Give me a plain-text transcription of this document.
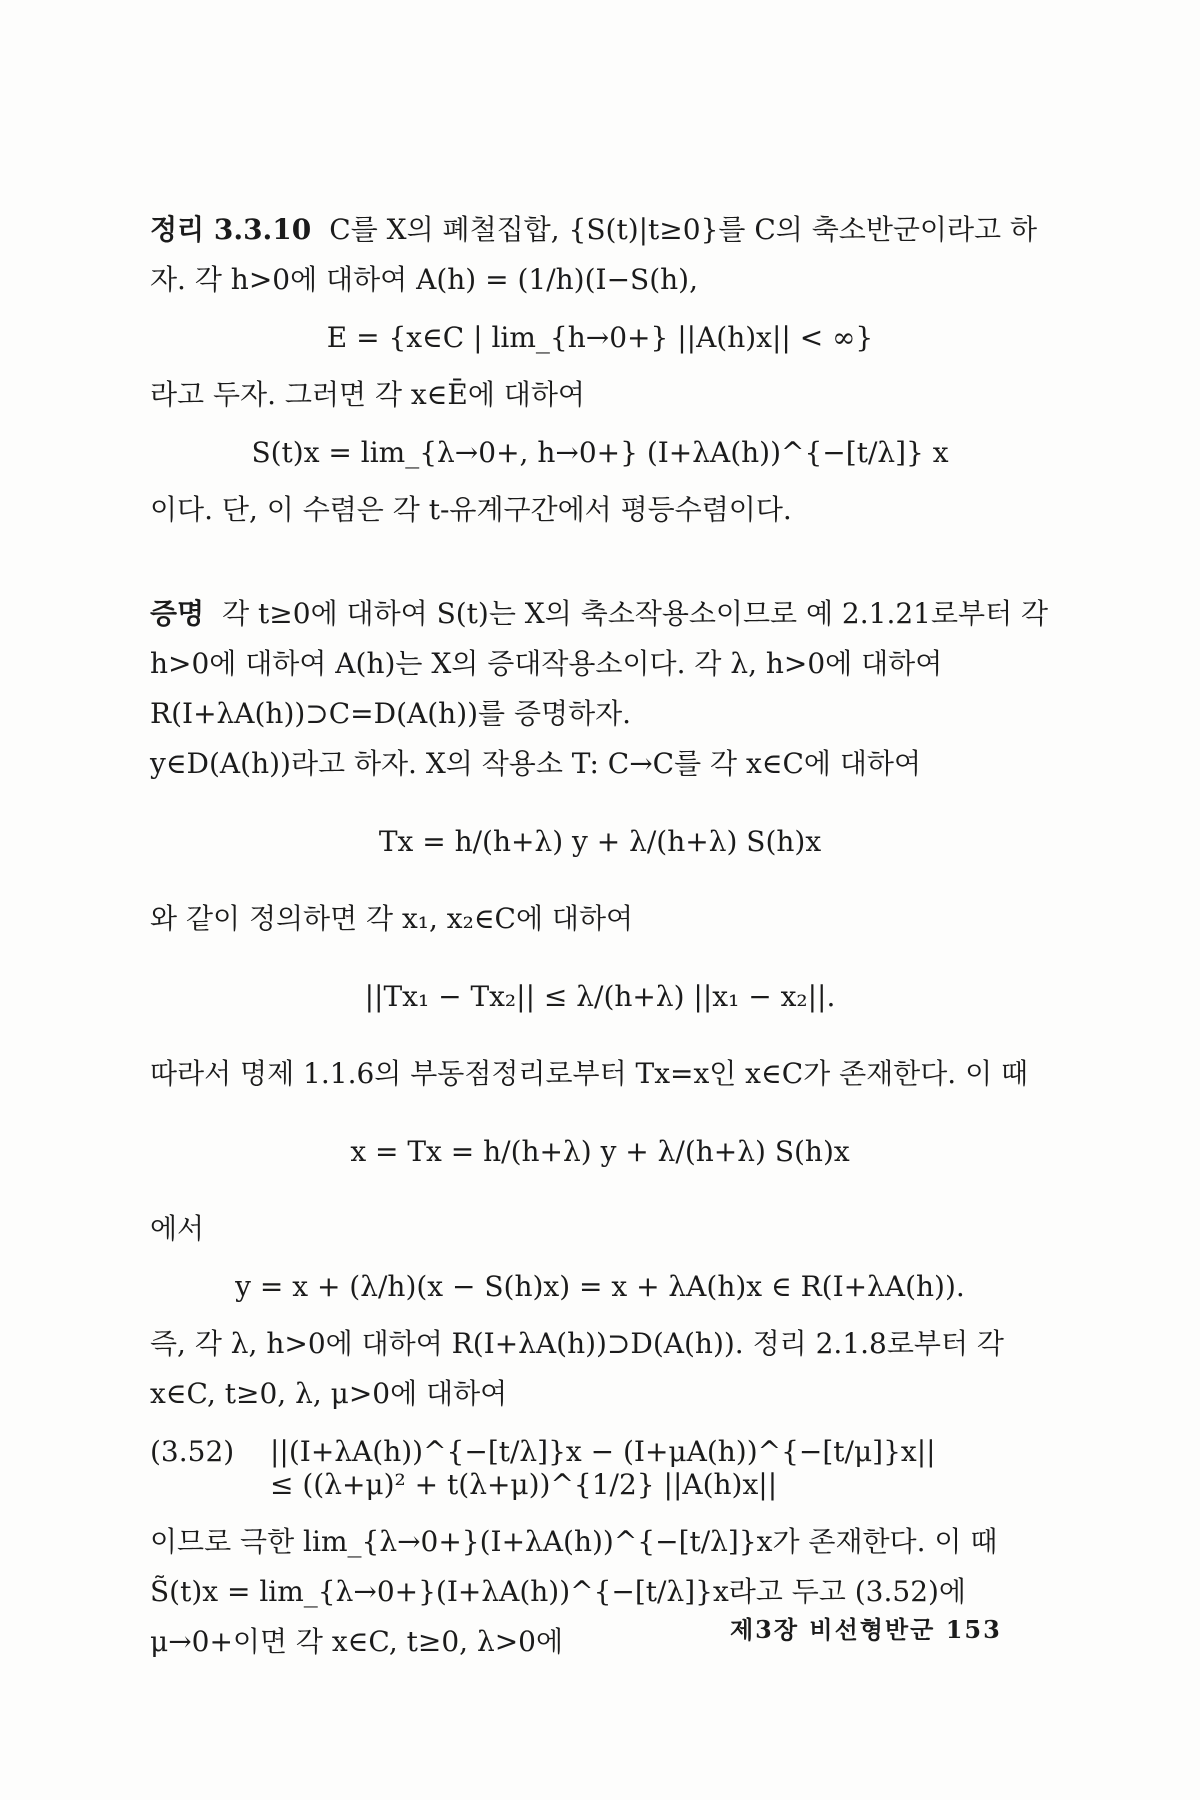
정리 3.3.10 C를 X의 폐철집합, {S(t)|t≥0}를 C의 축소반군이라고 하자. 각 h>0에 대하여 A(h) = (1/h)(I−S(h),

E = {x∈C | lim_{h→0+} ||A(h)x|| < ∞}

라고 두자. 그러면 각 x∈Ē에 대하여

S(t)x = lim_{λ→0+, h→0+} (I+λA(h))^{−[t/λ]} x

이다. 단, 이 수렴은 각 t-유계구간에서 평등수렴이다.

증명 각 t≥0에 대하여 S(t)는 X의 축소작용소이므로 예 2.1.21로부터 각 h>0에 대하여 A(h)는 X의 증대작용소이다. 각 λ, h>0에 대하여 R(I+λA(h))⊃C=D(A(h))를 증명하자.

y∈D(A(h))라고 하자. X의 작용소 T: C→C를 각 x∈C에 대하여

Tx = h/(h+λ) y + λ/(h+λ) S(h)x

와 같이 정의하면 각 x₁, x₂∈C에 대하여

||Tx₁ − Tx₂|| ≤ λ/(h+λ) ||x₁ − x₂||.

따라서 명제 1.1.6의 부동점정리로부터 Tx=x인 x∈C가 존재한다. 이 때

x = Tx = h/(h+λ) y + λ/(h+λ) S(h)x

에서

y = x + (λ/h)(x − S(h)x) = x + λA(h)x ∈ R(I+λA(h)).

즉, 각 λ, h>0에 대하여 R(I+λA(h))⊃D(A(h)). 정리 2.1.8로부터 각 x∈C, t≥0, λ, μ>0에 대하여

(3.52) ||(I+λA(h))^{−[t/λ]}x − (I+μA(h))^{−[t/μ]}x||

≤ ((λ+μ)² + t(λ+μ))^{1/2} ||A(h)x||

이므로 극한 lim_{λ→0+}(I+λA(h))^{−[t/λ]}x가 존재한다. 이 때 S̃(t)x = lim_{λ→0+}(I+λA(h))^{−[t/λ]}x라고 두고 (3.52)에 μ→0+이면 각 x∈C, t≥0, λ>0에	제3장 비선형반군 153
